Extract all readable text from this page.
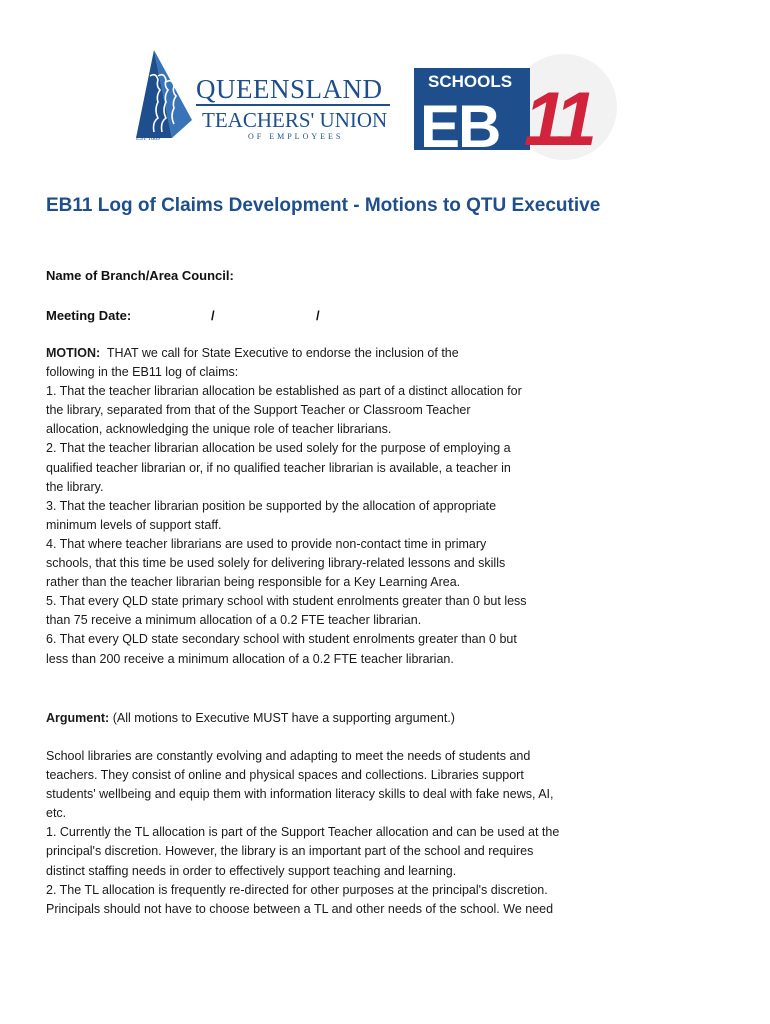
QUEENSLAND
TEACHERS' UNION
OF EMPLOYEES
EST 1889
SCHOOLS
EB 11
EB11 Log of Claims Development - Motions to QTU Executive
Name of Branch/Area Council:
Meeting Date:	/	/

MOTION: THAT we call for State Executive to endorse the inclusion of the

following in the EB11 log of claims:

1. That the teacher librarian allocation be established as part of a distinct allocation for

the library, separated from that of the Support Teacher or Classroom Teacher

allocation, acknowledging the unique role of teacher librarians.

2. That the teacher librarian allocation be used solely for the purpose of employing a

qualified teacher librarian or, if no qualified teacher librarian is available, a teacher in

the library.

3. That the teacher librarian position be supported by the allocation of appropriate

minimum levels of support staff.

4. That where teacher librarians are used to provide non-contact time in primary

schools, that this time be used solely for delivering library-related lessons and skills

rather than the teacher librarian being responsible for a Key Learning Area.

5. That every QLD state primary school with student enrolments greater than 0 but less

than 75 receive a minimum allocation of a 0.2 FTE teacher librarian.

6. That every QLD state secondary school with student enrolments greater than 0 but

less than 200 receive a minimum allocation of a 0.2 FTE teacher librarian.

Argument: (All motions to Executive MUST have a supporting argument.)

School libraries are constantly evolving and adapting to meet the needs of students and

teachers. They consist of online and physical spaces and collections. Libraries support

students' wellbeing and equip them with information literacy skills to deal with fake news, AI,

etc.

1. Currently the TL allocation is part of the Support Teacher allocation and can be used at the

principal's discretion. However, the library is an important part of the school and requires

distinct staffing needs in order to effectively support teaching and learning.

2. The TL allocation is frequently re-directed for other purposes at the principal's discretion.

Principals should not have to choose between a TL and other needs of the school. We need
